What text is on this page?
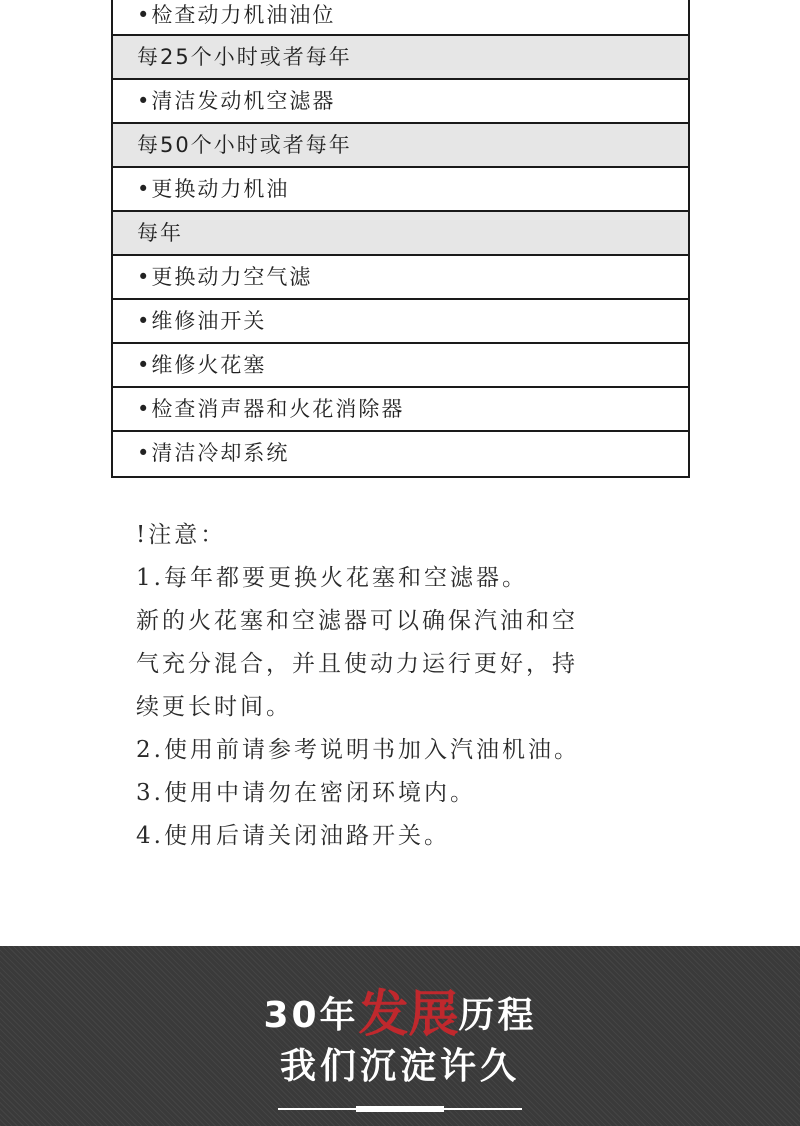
•检查动力机油油位
每25个小时或者每年
•清洁发动机空滤器
每50个小时或者每年
•更换动力机油
每年
•更换动力空气滤
•维修油开关
•维修火花塞
•检查消声器和火花消除器
•清洁冷却系统

!注意：

1.每年都要更换火花塞和空滤器。

新的火花塞和空滤器可以确保汽油和空

气充分混合，并且使动力运行更好，持

续更长时间。

2.使用前请参考说明书加入汽油机油。

3.使用中请勿在密闭环境内。

4.使用后请关闭油路开关。

30年发展历程
我们沉淀许久
